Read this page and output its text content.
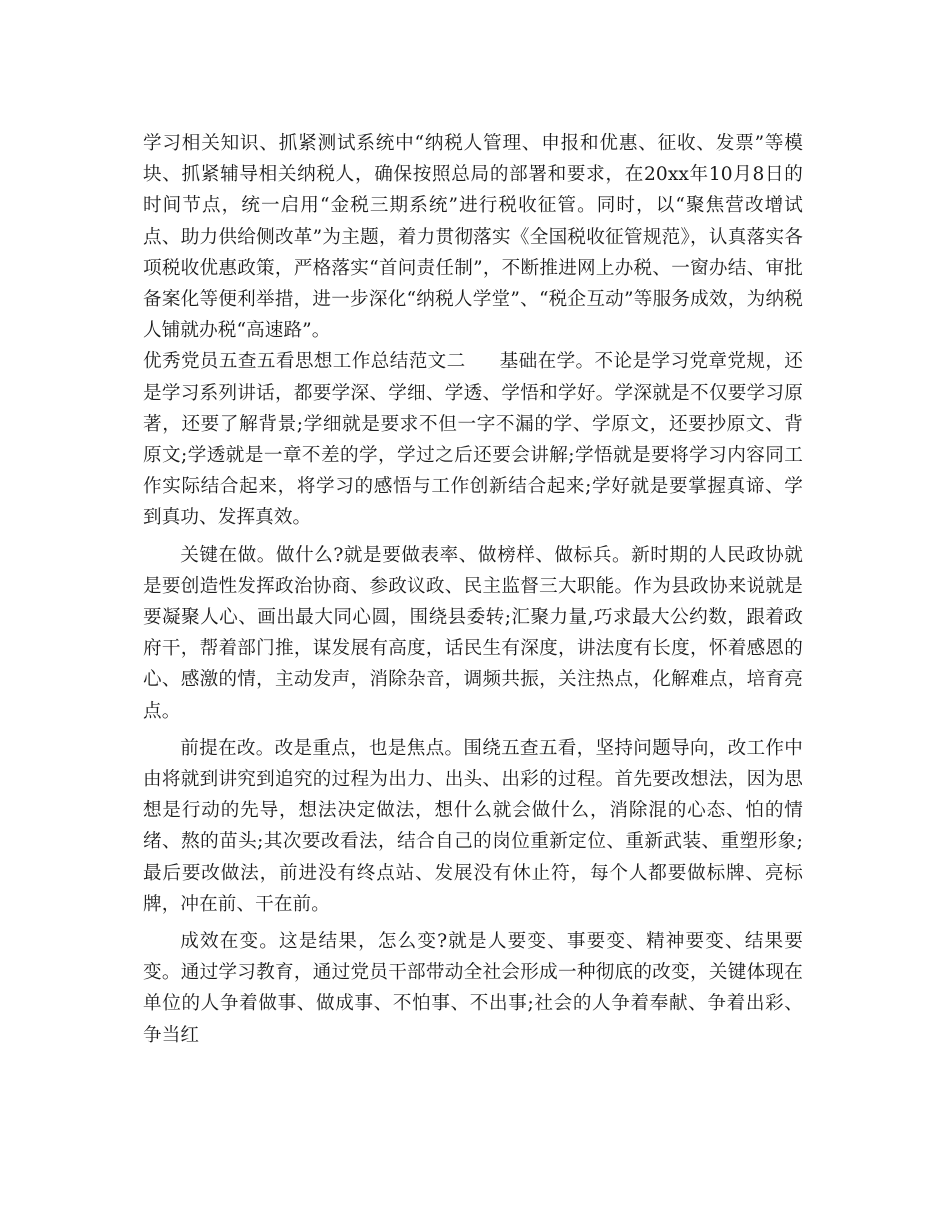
学习相关知识、抓紧测试系统中“纳税人管理、申报和优惠、征收、发票”等模块、抓紧辅导相关纳税人，确保按照总局的部署和要求，在20xx年10月8日的时间节点，统一启用“金税三期系统”进行税收征管。同时，以“聚焦营改增试点、助力供给侧改革”为主题，着力贯彻落实《全国税收征管规范》，认真落实各项税收优惠政策，严格落实“首问责任制”，不断推进网上办税、一窗办结、审批备案化等便利举措，进一步深化“纳税人学堂”、“税企互动”等服务成效，为纳税人铺就办税“高速路”。

优秀党员五查五看思想工作总结范文二 基础在学。不论是学习党章党规，还是学习系列讲话，都要学深、学细、学透、学悟和学好。学深就是不仅要学习原著，还要了解背景;学细就是要求不但一字不漏的学、学原文，还要抄原文、背原文;学透就是一章不差的学，学过之后还要会讲解;学悟就是要将学习内容同工作实际结合起来，将学习的感悟与工作创新结合起来;学好就是要掌握真谛、学到真功、发挥真效。

关键在做。做什么?就是要做表率、做榜样、做标兵。新时期的人民政协就是要创造性发挥政治协商、参政议政、民主监督三大职能。作为县政协来说就是要凝聚人心、画出最大同心圆，围绕县委转;汇聚力量,巧求最大公约数，跟着政府干，帮着部门推，谋发展有高度，话民生有深度，讲法度有长度，怀着感恩的心、感激的情，主动发声，消除杂音，调频共振，关注热点，化解难点，培育亮点。

前提在改。改是重点，也是焦点。围绕五查五看，坚持问题导向，改工作中由将就到讲究到追究的过程为出力、出头、出彩的过程。首先要改想法，因为思想是行动的先导，想法决定做法，想什么就会做什么，消除混的心态、怕的情绪、熬的苗头;其次要改看法，结合自己的岗位重新定位、重新武装、重塑形象;最后要改做法，前进没有终点站、发展没有休止符，每个人都要做标牌、亮标牌，冲在前、干在前。

成效在变。这是结果，怎么变?就是人要变、事要变、精神要变、结果要变。通过学习教育，通过党员干部带动全社会形成一种彻底的改变，关键体现在单位的人争着做事、做成事、不怕事、不出事;社会的人争着奉献、争着出彩、争当红
